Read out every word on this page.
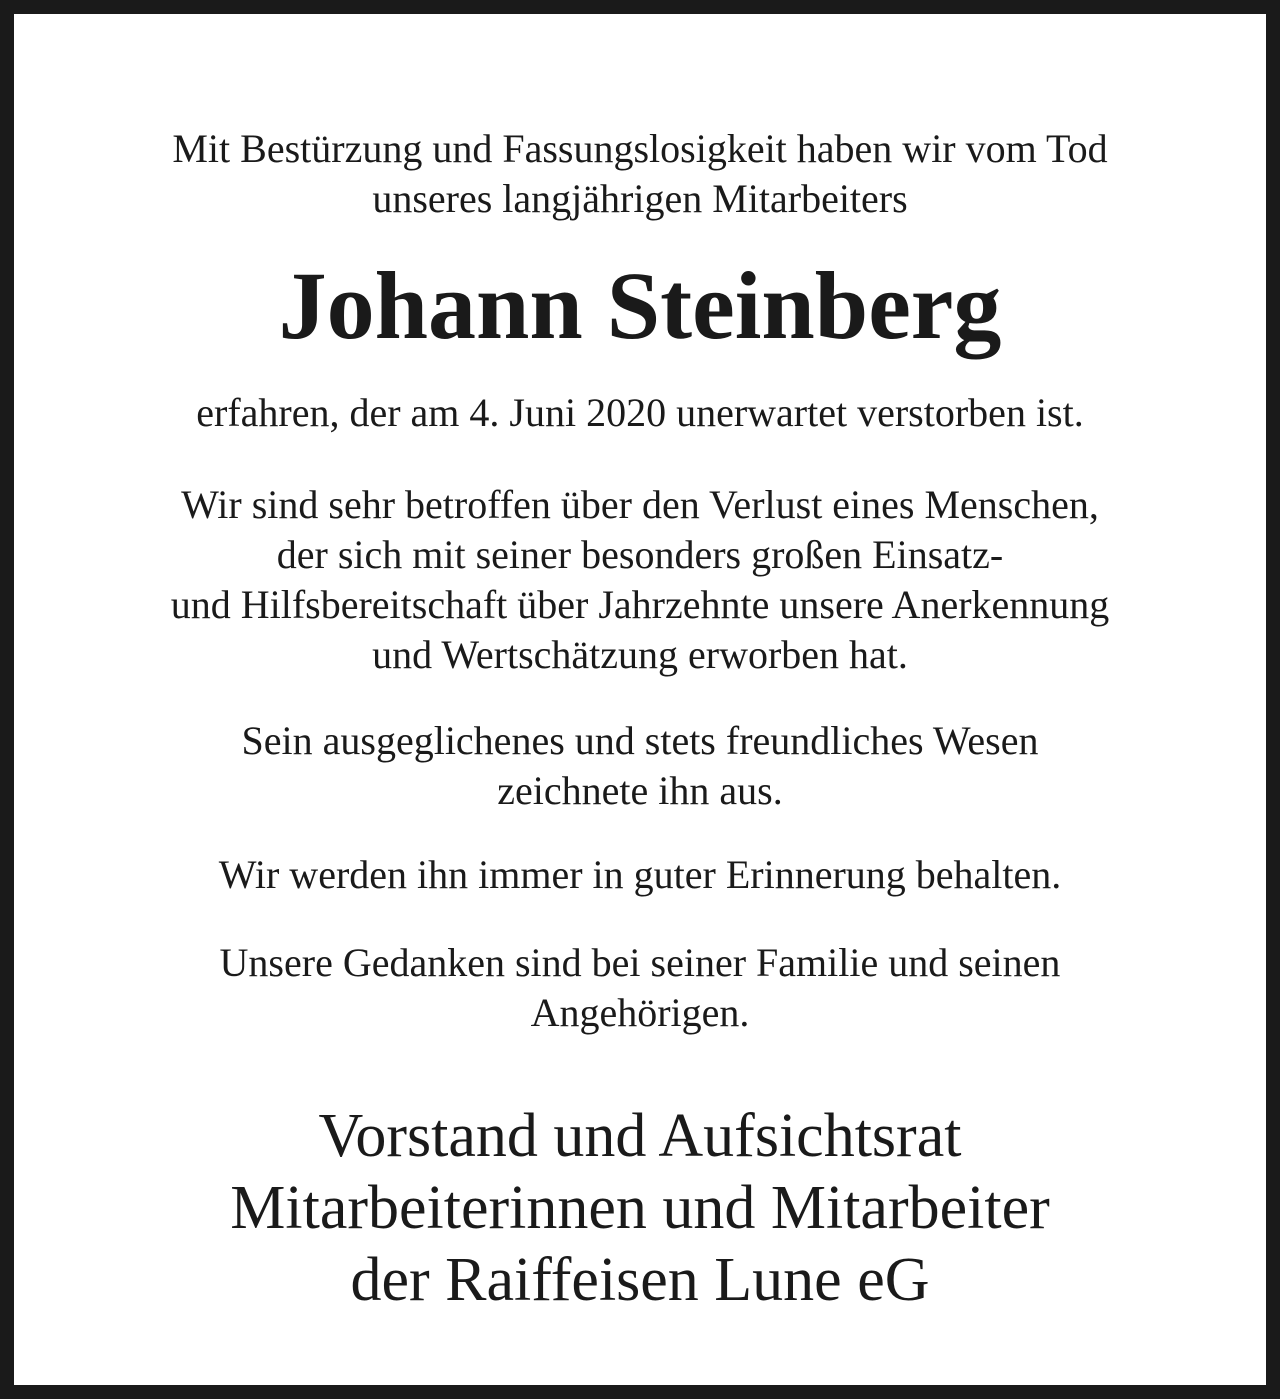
Mit Bestürzung und Fassungslosigkeit haben wir vom Tod
unseres langjährigen Mitarbeiters

Johann Steinberg

erfahren, der am 4. Juni 2020 unerwartet verstorben ist.

Wir sind sehr betroffen über den Verlust eines Menschen,
der sich mit seiner besonders großen Einsatz-
und Hilfsbereitschaft über Jahrzehnte unsere Anerkennung
und Wertschätzung erworben hat.

Sein ausgeglichenes und stets freundliches Wesen
zeichnete ihn aus.

Wir werden ihn immer in guter Erinnerung behalten.

Unsere Gedanken sind bei seiner Familie und seinen
Angehörigen.

Vorstand und Aufsichtsrat
Mitarbeiterinnen und Mitarbeiter
der Raiffeisen Lune eG
